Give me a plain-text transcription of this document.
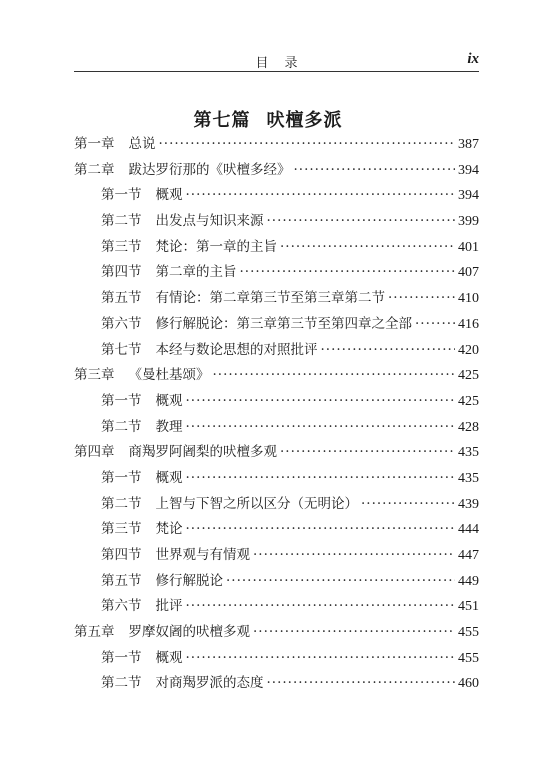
目录	ix
第七篇 吠檀多派
第一章 总说 ·····	387
第二章 跋达罗衍那的《吠檀多经》 ·····	394
第一节 概观 ·····	394
第二节 出发点与知识来源 ·····	399
第三节 梵论：第一章的主旨 ·····	401
第四节 第二章的主旨 ·····	407
第五节 有情论：第二章第三节至第三章第二节 ·····	410
第六节 修行解脱论：第三章第三节至第四章之全部 ·····	416
第七节 本经与数论思想的对照批评 ·····	420
第三章 《曼杜基颂》 ·····	425
第一节 概观 ·····	425
第二节 教理 ·····	428
第四章 商羯罗阿阇梨的吠檀多观 ·····	435
第一节 概观 ·····	435
第二节 上智与下智之所以区分（无明论） ·····	439
第三节 梵论 ·····	444
第四节 世界观与有情观 ·····	447
第五节 修行解脱论 ·····	449
第六节 批评 ·····	451
第五章 罗摩奴阇的吠檀多观 ·····	455
第一节 概观 ·····	455
第二节 对商羯罗派的态度 ·····	460
